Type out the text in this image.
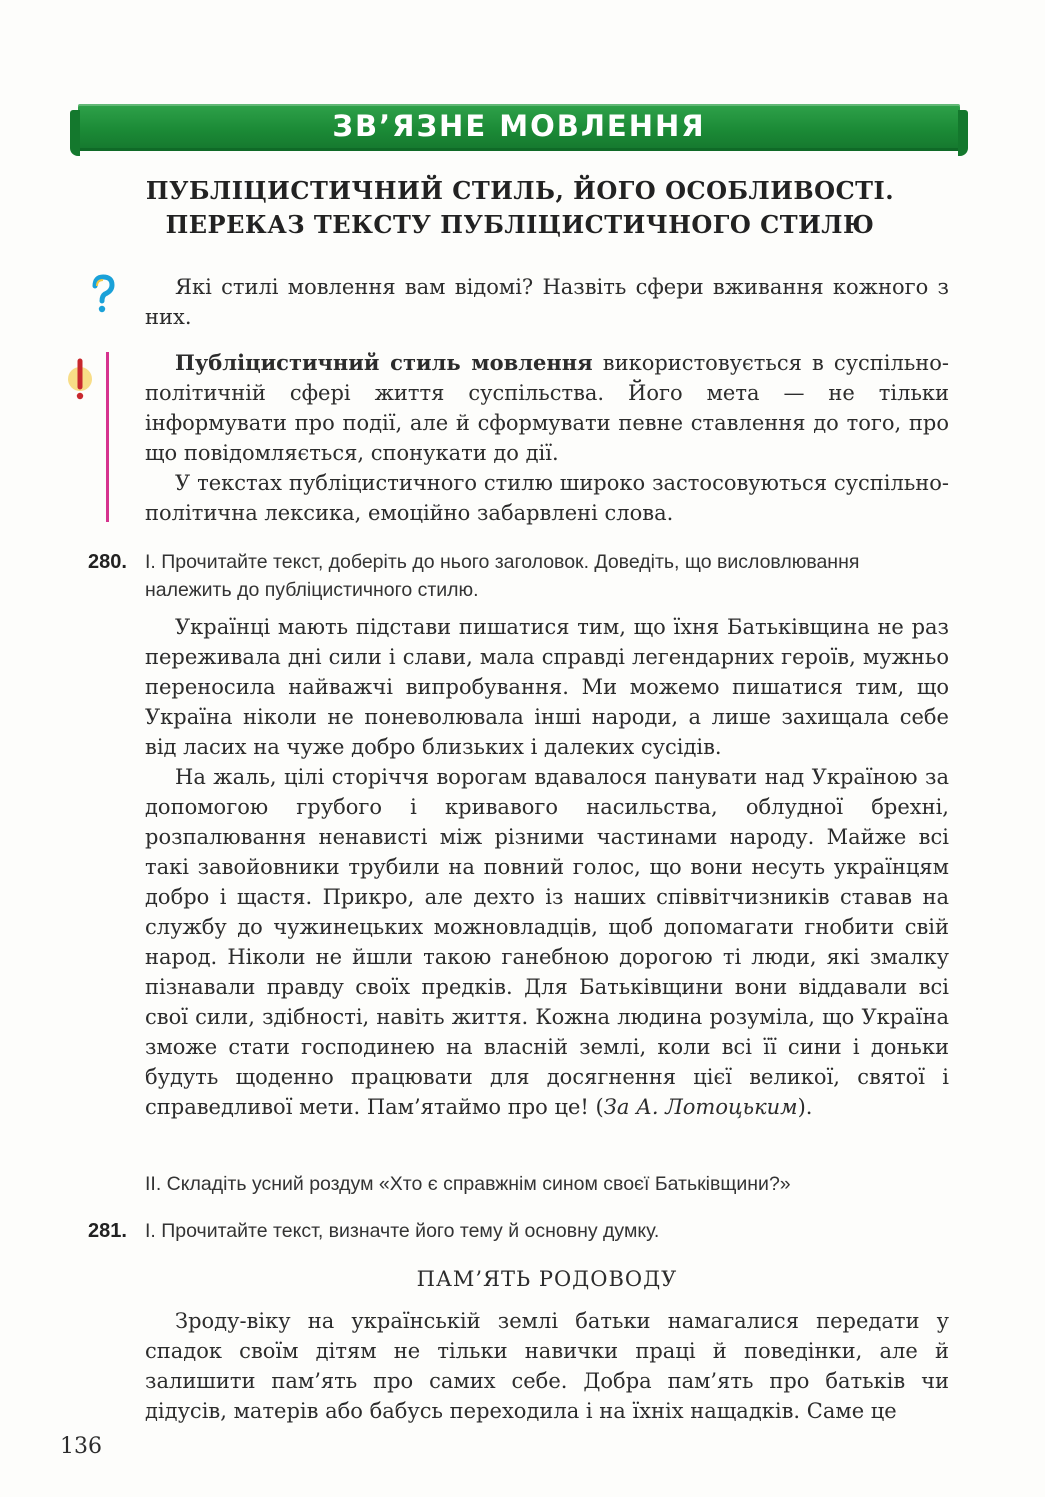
ЗВ’ЯЗНЕ МОВЛЕННЯ
ПУБЛІЦИСТИЧНИЙ СТИЛЬ, ЙОГО ОСОБЛИВОСТІ.
ПЕРЕКАЗ ТЕКСТУ ПУБЛІЦИСТИЧНОГО СТИЛЮ
Які стилі мовлення вам відомі? Назвіть сфери вживання кожного з них.
Публіцистичний стиль мовлення використовується в суспільно-політичній сфері життя суспільства. Його мета — не тільки інформувати про події, але й сформувати певне ставлення до того, про що повідомляється, спонукати до дії.
У текстах публіцистичного стилю широко застосовуються суспільно-політична лексика, емоційно забарвлені слова.
280. І. Прочитайте текст, доберіть до нього заголовок. Доведіть, що висловлювання належить до публіцистичного стилю.
Українці мають підстави пишатися тим, що їхня Батьківщина не раз переживала дні сили і слави, мала справді легендарних героїв, мужньо переносила найважчі випробування. Ми можемо пишатися тим, що Україна ніколи не поневолювала інші народи, а лише захищала себе від ласих на чуже добро близьких і далеких сусідів.
На жаль, цілі сторіччя ворогам вдавалося панувати над Україною за допомогою грубого і кривавого насильства, облудної брехні, розпалювання ненависті між різними частинами народу. Майже всі такі завойовники трубили на повний голос, що вони несуть українцям добро і щастя. Прикро, але дехто із наших співвітчизників ставав на службу до чужинецьких можновладців, щоб допомагати гнобити свій народ. Ніколи не йшли такою ганебною дорогою ті люди, які змалку пізнавали правду своїх предків. Для Батьківщини вони віддавали всі свої сили, здібності, навіть життя. Кожна людина розуміла, що Україна зможе стати господинею на власній землі, коли всі її сини і доньки будуть щоденно працювати для досягнення цієї великої, святої і справедливої мети. Пам’ятаймо про це! (За А. Лотоцьким).
ІІ. Складіть усний роздум «Хто є справжнім сином своєї Батьківщини?»
281. І. Прочитайте текст, визначте його тему й основну думку.
ПАМ’ЯТЬ РОДОВОДУ
Зроду-віку на українській землі батьки намагалися передати у спадок своїм дітям не тільки навички праці й поведінки, але й залишити пам’ять про самих себе. Добра пам’ять про батьків чи дідусів, матерів або бабусь переходила і на їхніх нащадків. Саме це
136
